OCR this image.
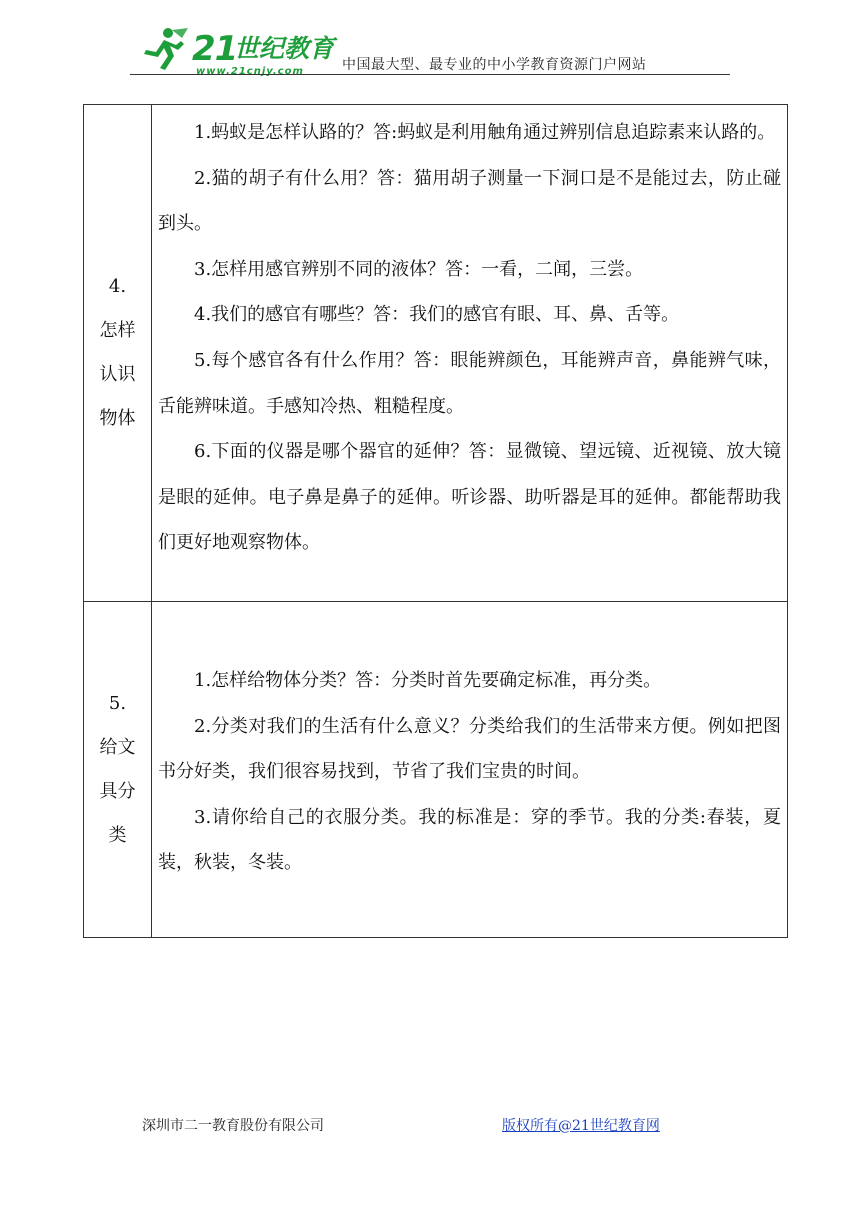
21
世纪教育
www.21cnjy.com	中国最大型、最专业的中小学教育资源门户网站
4.
怎样
认识
物体

1.蚂蚁是怎样认路的？答:蚂蚁是利用触角通过辨别信息追踪素来认路的。

2.猫的胡子有什么用？答：猫用胡子测量一下洞口是不是能过去，防止碰到头。

3.怎样用感官辨别不同的液体？答：一看，二闻，三尝。

4.我们的感官有哪些？答：我们的感官有眼、耳、鼻、舌等。

5.每个感官各有什么作用？答：眼能辨颜色，耳能辨声音，鼻能辨气味，舌能辨味道。手感知冷热、粗糙程度。

6.下面的仪器是哪个器官的延伸？答：显微镜、望远镜、近视镜、放大镜是眼的延伸。电子鼻是鼻子的延伸。听诊器、助听器是耳的延伸。都能帮助我们更好地观察物体。

5.
给文
具分
类

1.怎样给物体分类？答：分类时首先要确定标准，再分类。

2.分类对我们的生活有什么意义？分类给我们的生活带来方便。例如把图书分好类，我们很容易找到，节省了我们宝贵的时间。

3.请你给自己的衣服分类。我的标准是：穿的季节。我的分类:春装，夏装，秋装，冬装。

深圳市二一教育股份有限公司	版权所有@21世纪教育网
